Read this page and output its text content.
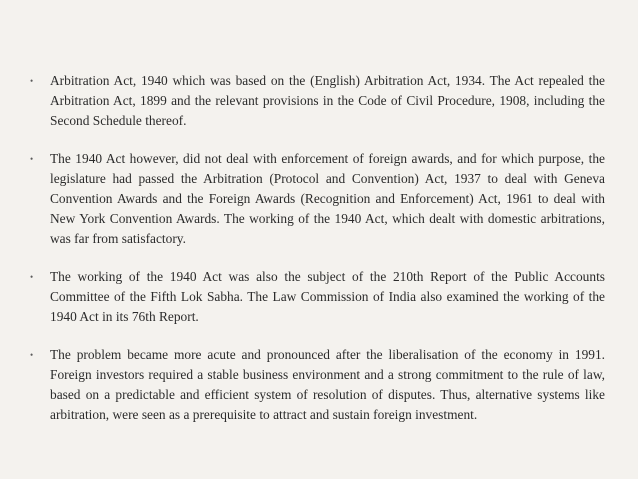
•	Arbitration Act, 1940 which was based on the (English) Arbitration Act, 1934. The Act repealed the Arbitration Act, 1899 and the relevant provisions in the Code of Civil Procedure, 1908, including the Second Schedule thereof.
•	The 1940 Act however, did not deal with enforcement of foreign awards, and for which purpose, the legislature had passed the Arbitration (Protocol and Convention) Act, 1937 to deal with Geneva Convention Awards and the Foreign Awards (Recognition and Enforcement) Act, 1961 to deal with New York Convention Awards. The working of the 1940 Act, which dealt with domestic arbitrations, was far from satisfactory.
•	The working of the 1940 Act was also the subject of the 210th Report of the Public Accounts Committee of the Fifth Lok Sabha. The Law Commission of India also examined the working of the 1940 Act in its 76th Report.
•	The problem became more acute and pronounced after the liberalisation of the economy in 1991. Foreign investors required a stable business environment and a strong commitment to the rule of law, based on a predictable and efficient system of resolution of disputes. Thus, alternative systems like arbitration, were seen as a prerequisite to attract and sustain foreign investment.
